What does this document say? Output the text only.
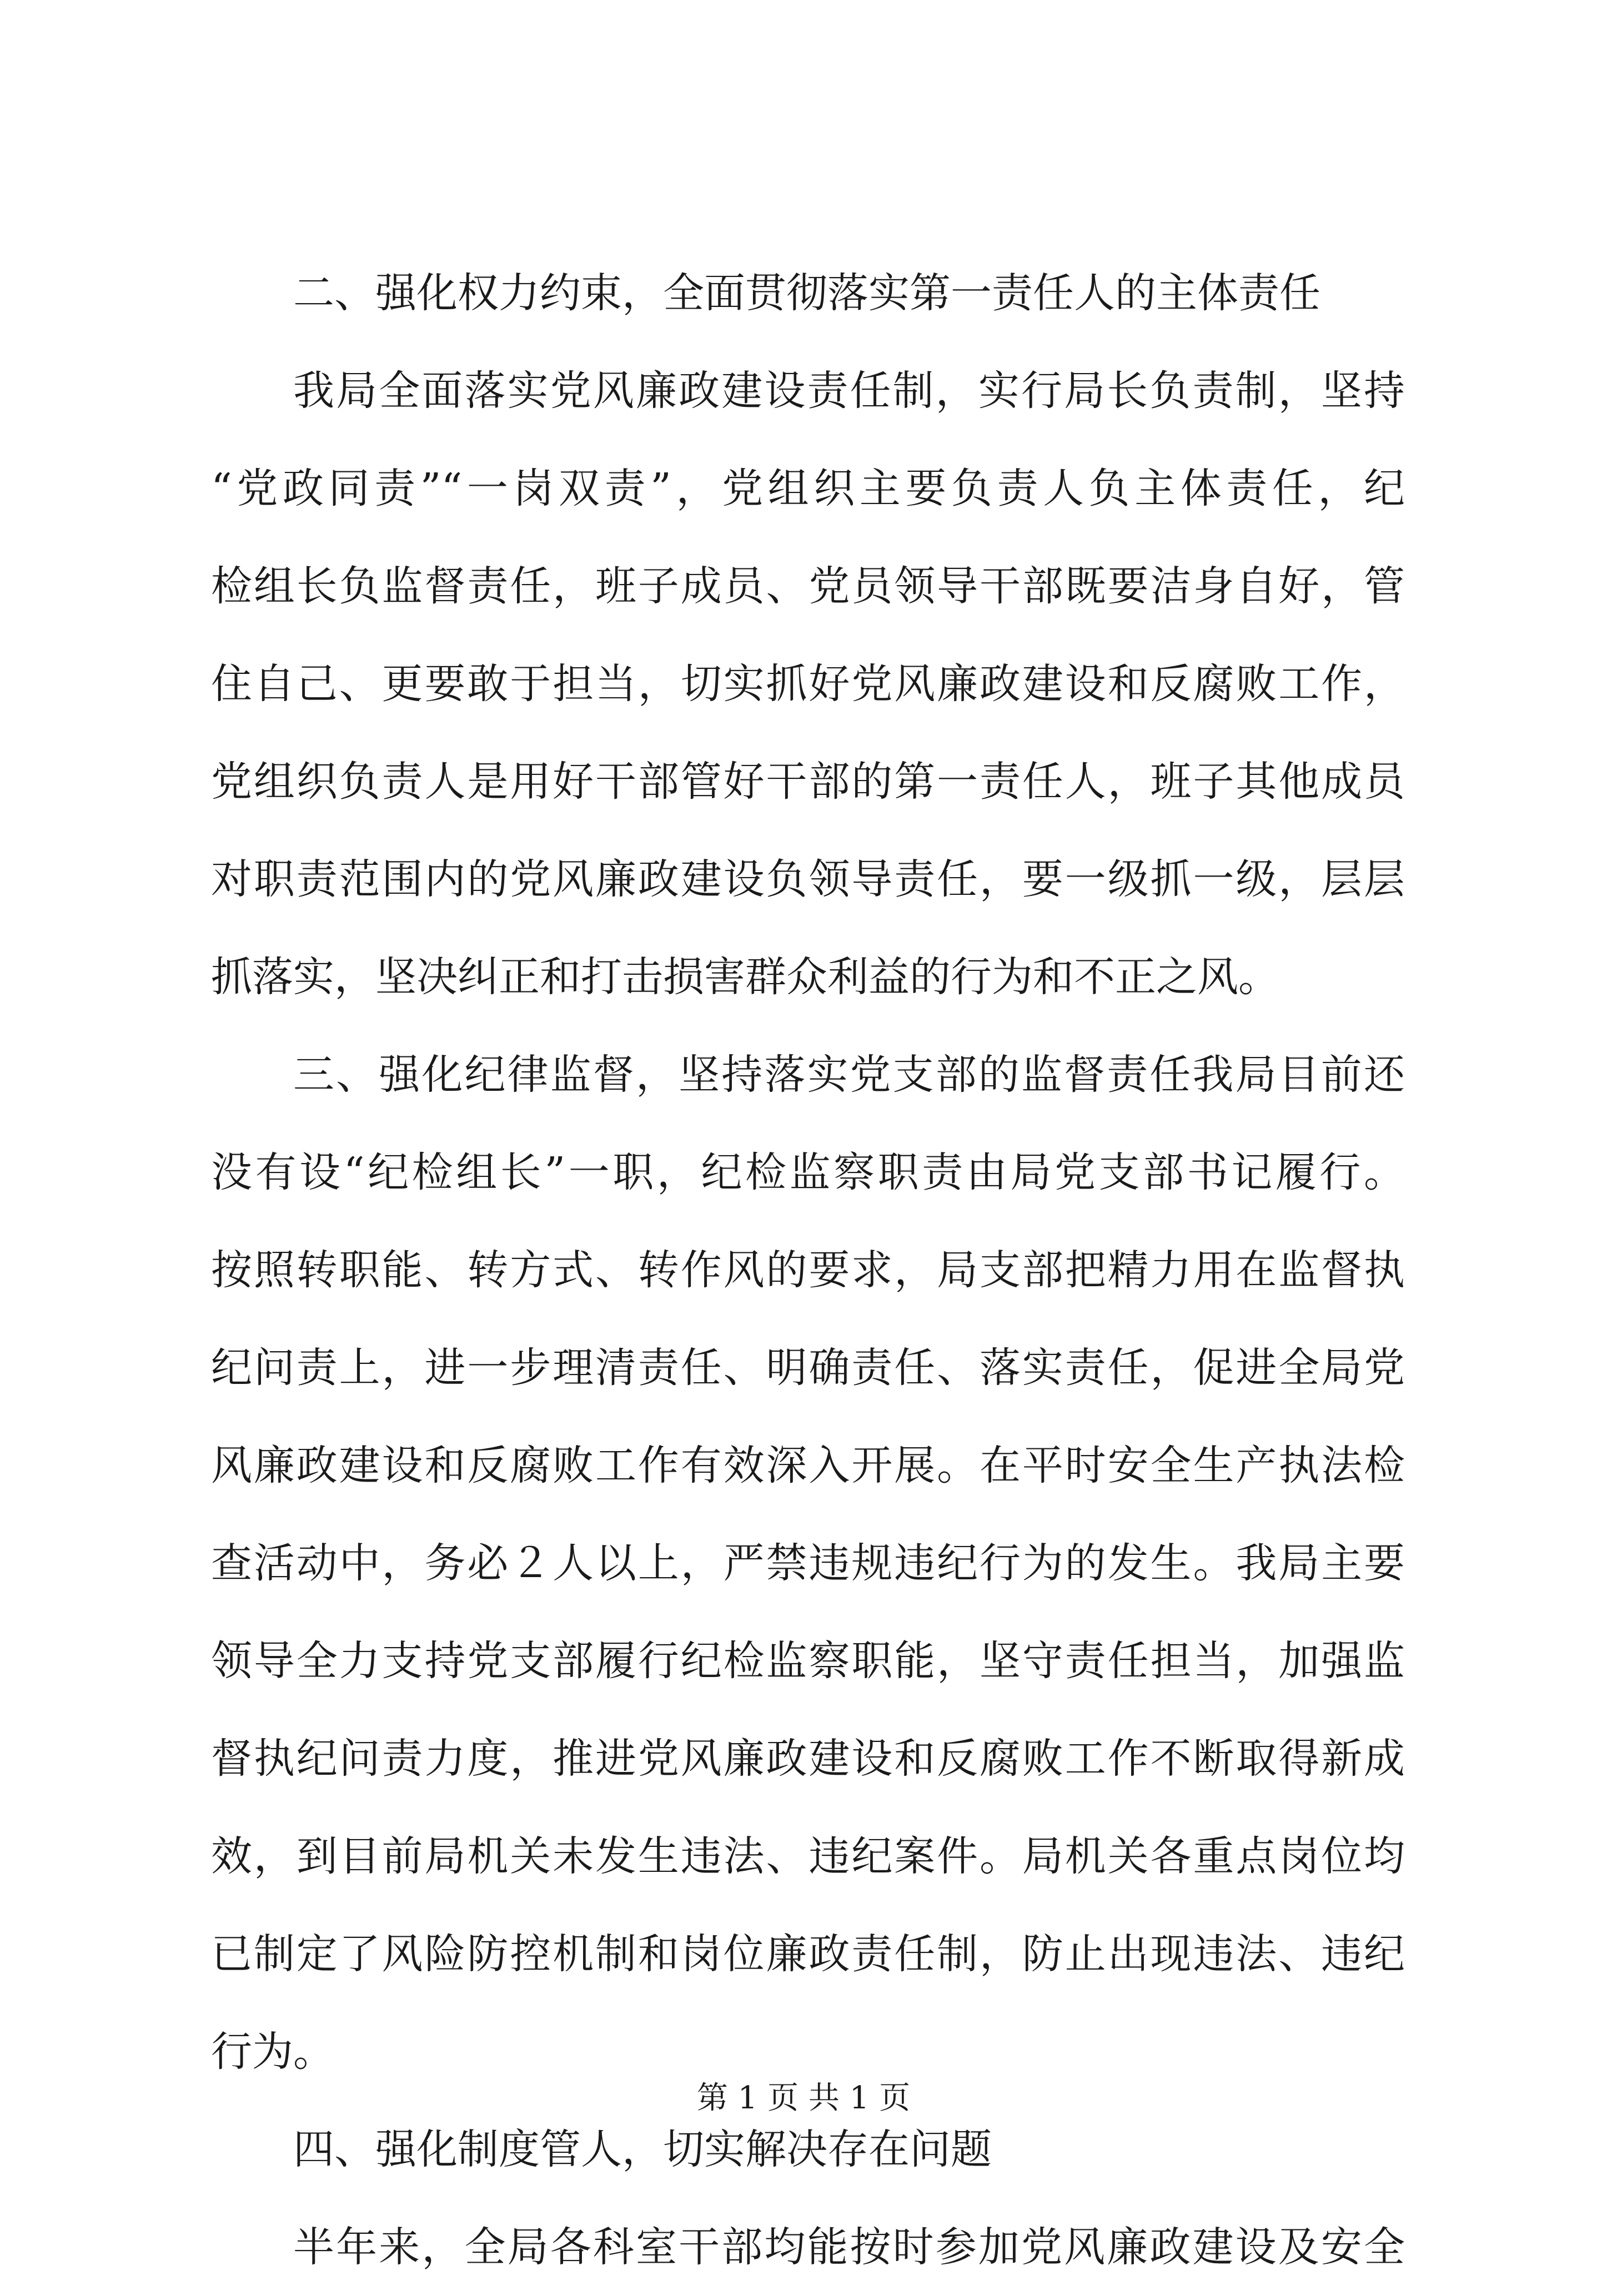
二、强化权力约束，全面贯彻落实第一责任人的主体责任
我局全面落实党风廉政建设责任制，实行局长负责制，坚持
“党政同责”“一岗双责”，党组织主要负责人负主体责任，纪
检组长负监督责任，班子成员、党员领导干部既要洁身自好，管
住自己、更要敢于担当，切实抓好党风廉政建设和反腐败工作，
党组织负责人是用好干部管好干部的第一责任人，班子其他成员
对职责范围内的党风廉政建设负领导责任，要一级抓一级，层层
抓落实，坚决纠正和打击损害群众利益的行为和不正之风。
三、强化纪律监督，坚持落实党支部的监督责任我局目前还
没有设“纪检组长”一职，纪检监察职责由局党支部书记履行。
按照转职能、转方式、转作风的要求，局支部把精力用在监督执
纪问责上，进一步理清责任、明确责任、落实责任，促进全局党
风廉政建设和反腐败工作有效深入开展。在平时安全生产执法检
查活动中，务必２人以上，严禁违规违纪行为的发生。我局主要
领导全力支持党支部履行纪检监察职能，坚守责任担当，加强监
督执纪问责力度，推进党风廉政建设和反腐败工作不断取得新成
效，到目前局机关未发生违法、违纪案件。局机关各重点岗位均
已制定了风险防控机制和岗位廉政责任制，防止出现违法、违纪
行为。
四、强化制度管人，切实解决存在问题
半年来，全局各科室干部均能按时参加党风廉政建设及安全
第 1 页 共 1 页
